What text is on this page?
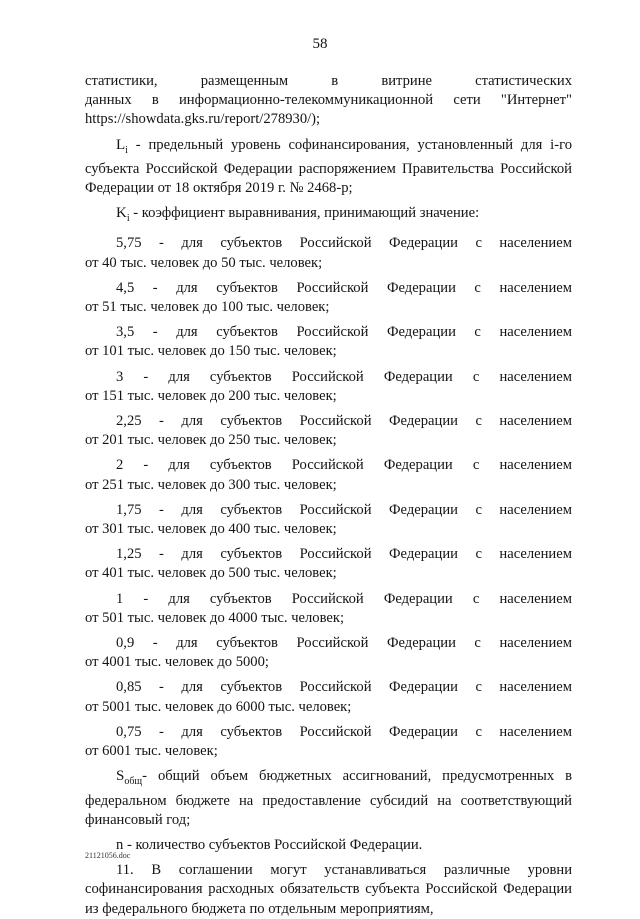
58

статистики, размещенным в витрине статистических

данных в информационно-телекоммуникационной сети "Интернет"

https://showdata.gks.ru/report/278930/);

$L_i$ - предельный уровень софинансирования, установленный для i-го субъекта Российской Федерации распоряжением Правительства Российской Федерации от 18 октября 2019 г. № 2468-р;

$K_i$ - коэффициент выравнивания, принимающий значение:

5,75 - для субъектов Российской Федерации с населением

от 40 тыс. человек до 50 тыс. человек;

4,5 - для субъектов Российской Федерации с населением

от 51 тыс. человек до 100 тыс. человек;

3,5 - для субъектов Российской Федерации с населением

от 101 тыс. человек до 150 тыс. человек;

3 - для субъектов Российской Федерации с населением

от 151 тыс. человек до 200 тыс. человек;

2,25 - для субъектов Российской Федерации с населением

от 201 тыс. человек до 250 тыс. человек;

2 - для субъектов Российской Федерации с населением

от 251 тыс. человек до 300 тыс. человек;

1,75 - для субъектов Российской Федерации с населением

от 301 тыс. человек до 400 тыс. человек;

1,25 - для субъектов Российской Федерации с населением

от 401 тыс. человек до 500 тыс. человек;

1 - для субъектов Российской Федерации с населением

от 501 тыс. человек до 4000 тыс. человек;

0,9 - для субъектов Российской Федерации с населением

от 4001 тыс. человек до 5000;

0,85 - для субъектов Российской Федерации с населением

от 5001 тыс. человек до 6000 тыс. человек;

0,75 - для субъектов Российской Федерации с населением

от 6001 тыс. человек;

$S_{общ}-$ общий объем бюджетных ассигнований, предусмотренных в федеральном бюджете на предоставление субсидий на соответствующий финансовый год;

n - количество субъектов Российской Федерации.

11. В соглашении могут устанавливаться различные уровни софинансирования расходных обязательств субъекта Российской Федерации из федерального бюджета по отдельным мероприятиям,

21121056.doc
